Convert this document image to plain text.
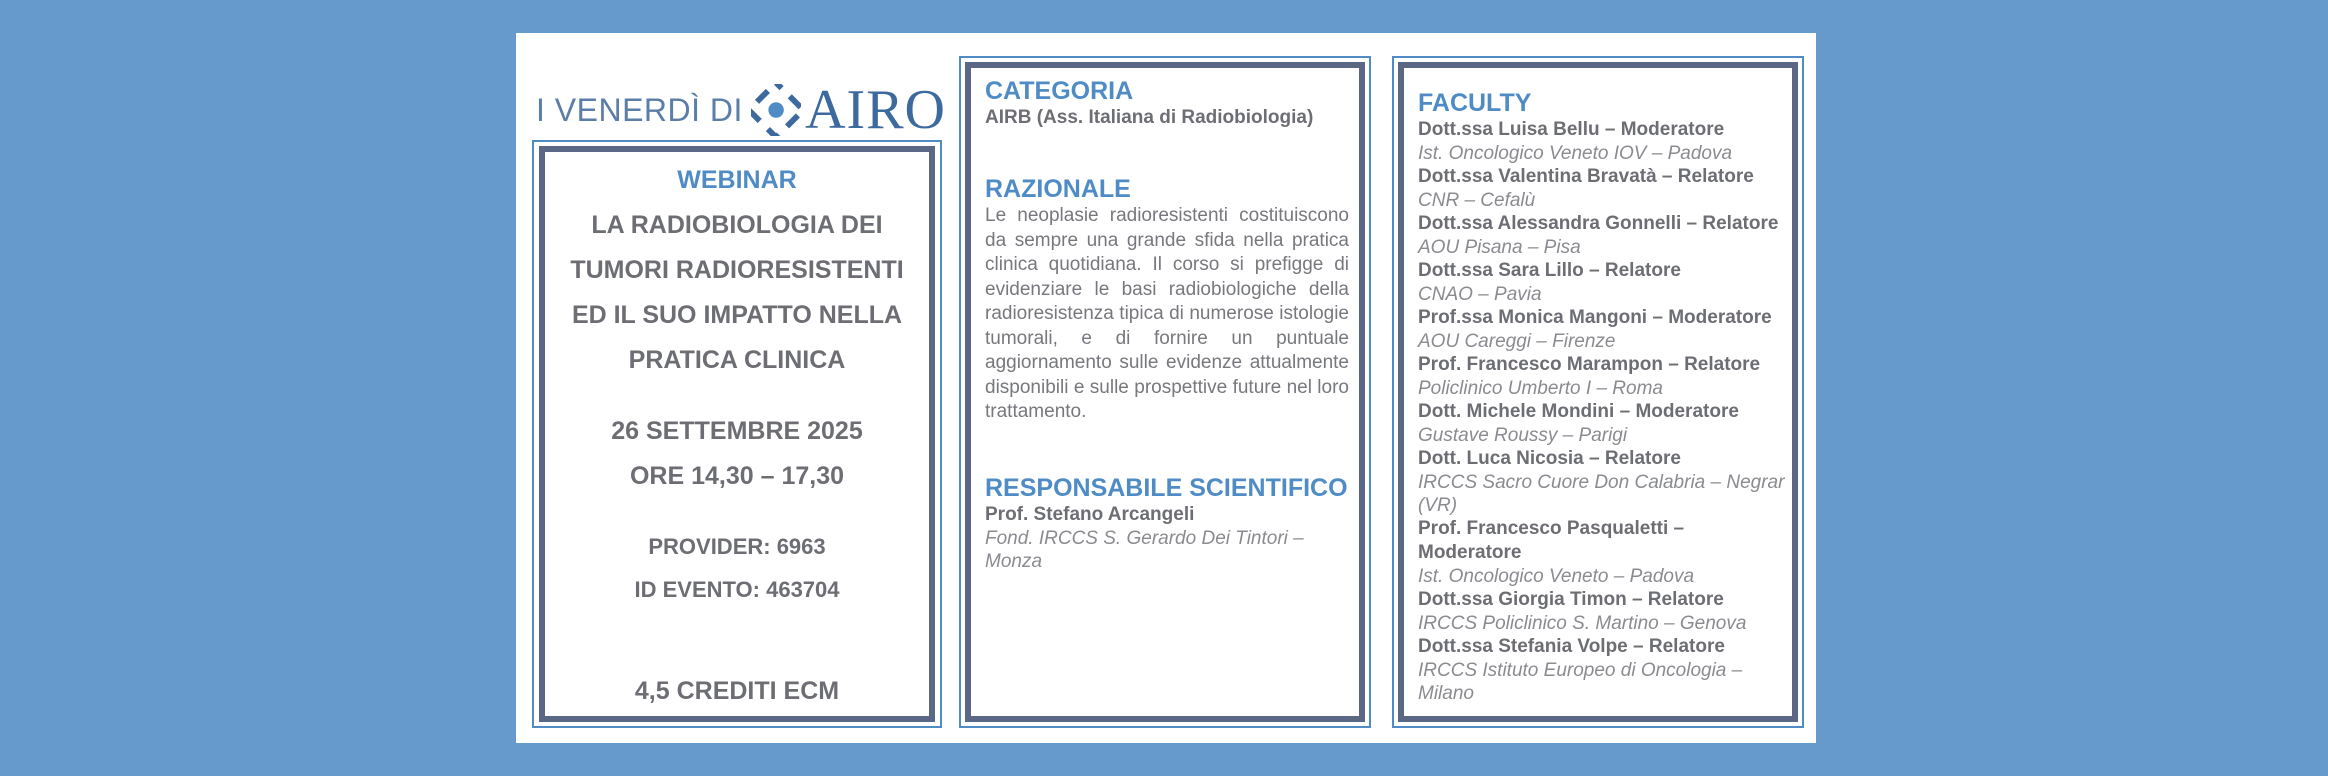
I VENERDÌ DI AIRO
WEBINAR
LA RADIOBIOLOGIA DEI
TUMORI RADIORESISTENTI
ED IL SUO IMPATTO NELLA
PRATICA CLINICA
26 SETTEMBRE 2025
ORE 14,30 – 17,30
PROVIDER: 6963
ID EVENTO: 463704
4,5 CREDITI ECM
CATEGORIA
AIRB (Ass. Italiana di Radiobiologia)
RAZIONALE
Le neoplasie radioresistenti costituiscono da sempre una grande sfida nella pratica clinica quotidiana. Il corso si prefigge di evidenziare le basi radiobiologiche della radioresistenza tipica di numerose istologie tumorali, e di fornire un puntuale aggiornamento sulle evidenze attualmente disponibili e sulle prospettive future nel loro trattamento.
RESPONSABILE SCIENTIFICO
Prof. Stefano Arcangeli
Fond. IRCCS S. Gerardo Dei Tintori – Monza
FACULTY
Dott.ssa Luisa Bellu – Moderatore
Ist. Oncologico Veneto IOV – Padova
Dott.ssa Valentina Bravatà – Relatore
CNR – Cefalù
Dott.ssa Alessandra Gonnelli – Relatore
AOU Pisana – Pisa
Dott.ssa Sara Lillo – Relatore
CNAO – Pavia
Prof.ssa Monica Mangoni – Moderatore
AOU Careggi – Firenze
Prof. Francesco Marampon – Relatore
Policlinico Umberto I – Roma
Dott. Michele Mondini – Moderatore
Gustave Roussy – Parigi
Dott. Luca Nicosia – Relatore
IRCCS Sacro Cuore Don Calabria – Negrar (VR)
Prof. Francesco Pasqualetti – Moderatore
Ist. Oncologico Veneto – Padova
Dott.ssa Giorgia Timon – Relatore
IRCCS Policlinico S. Martino – Genova
Dott.ssa Stefania Volpe – Relatore
IRCCS Istituto Europeo di Oncologia – Milano
